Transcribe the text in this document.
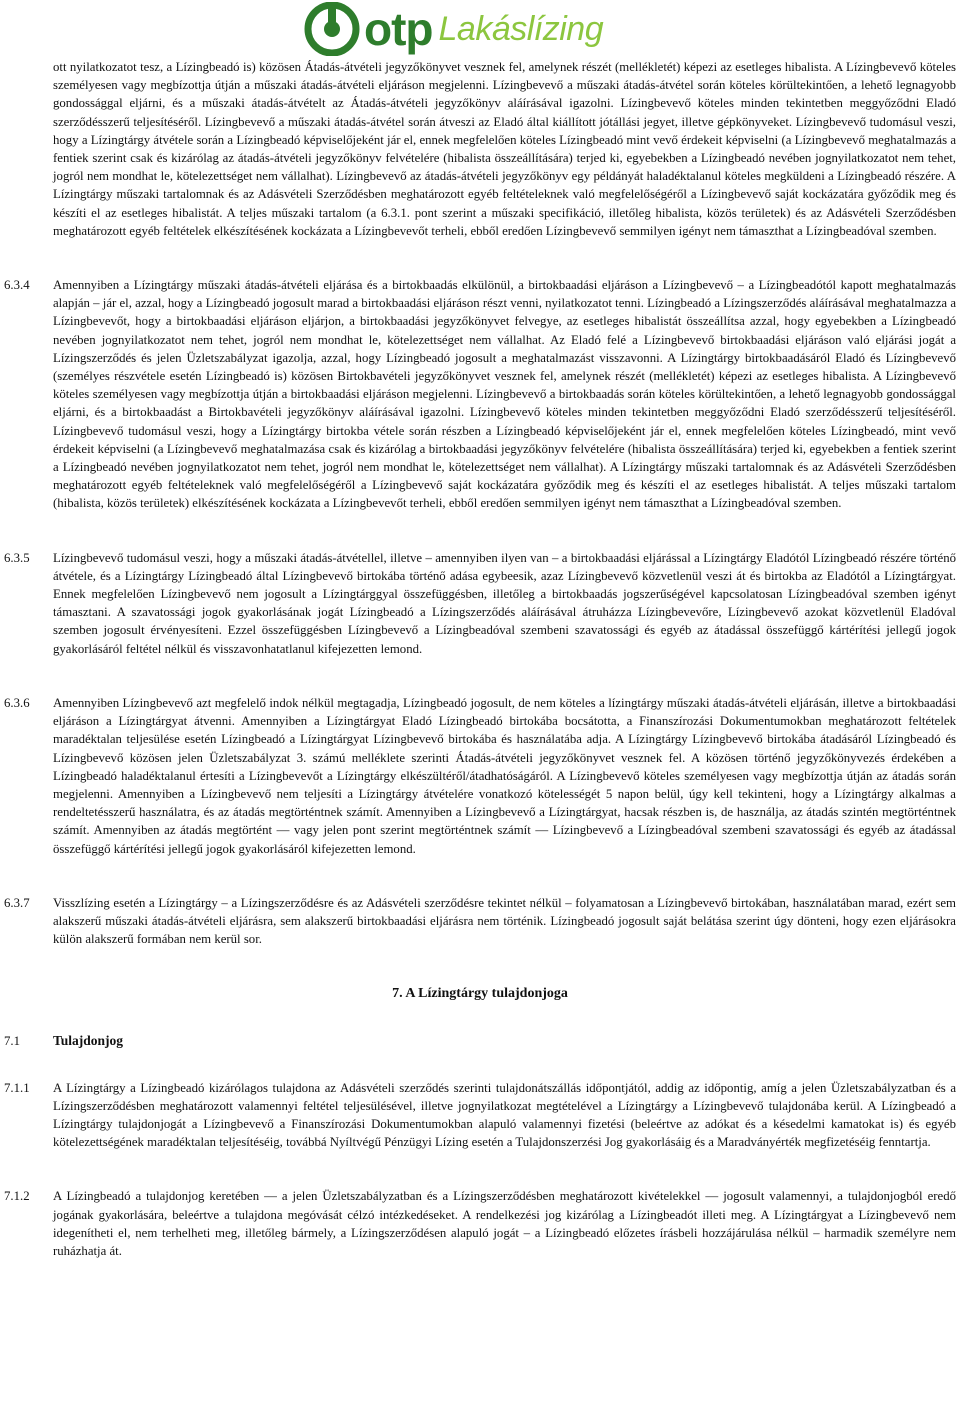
otp Lakáslízing

ott nyilatkozatot tesz, a Lízingbeadó is) közösen Átadás-átvételi jegyzőkönyvet vesznek fel, amelynek részét (mellékletét) képezi az esetleges hibalista. A Lízingbevevő köteles személyesen vagy megbízottja útján a műszaki átadás-átvételi eljáráson megjelenni. Lízingbevevő a műszaki átadás-átvétel során köteles körültekintően, a lehető legnagyobb gondossággal eljárni, és a műszaki átadás-átvételt az Átadás-átvételi jegyzőkönyv aláírásával igazolni. Lízingbevevő köteles minden tekintetben meggyőződni Eladó szerződésszerű teljesítéséről. Lízingbevevő a műszaki átadás-átvétel során átveszi az Eladó által kiállított jótállási jegyet, illetve gépkönyveket. Lízingbevevő tudomásul veszi, hogy a Lízingtárgy átvétele során a Lízingbeadó képviselőjeként jár el, ennek megfelelően köteles Lízingbeadó mint vevő érdekeit képviselni (a Lízingbevevő meghatalmazás a fentiek szerint csak és kizárólag az átadás-átvételi jegyzőkönyv felvételére (hibalista összeállítására) terjed ki, egyebekben a Lízingbeadó nevében jognyilatkozatot nem tehet, jogról nem mondhat le, kötelezettséget nem vállalhat). Lízingbevevő az átadás-átvételi jegyzőkönyv egy példányát haladéktalanul köteles megküldeni a Lízingbeadó részére. A Lízingtárgy műszaki tartalomnak és az Adásvételi Szerződésben meghatározott egyéb feltételeknek való megfelelőségéről a Lízingbevevő saját kockázatára győződik meg és készíti el az esetleges hibalistát. A teljes műszaki tartalom (a 6.3.1. pont szerint a műszaki specifikáció, illetőleg hibalista, közös területek) és az Adásvételi Szerződésben meghatározott egyéb feltételek elkészítésének kockázata a Lízingbevevőt terheli, ebből eredően Lízingbevevő semmilyen igényt nem támaszthat a Lízingbeadóval szemben.

6.3.4	Amennyiben a Lízingtárgy műszaki átadás-átvételi eljárása és a birtokbaadás elkülönül, a birtokbaadási eljáráson a Lízingbevevő – a Lízingbeadótól kapott meghatalmazás alapján – jár el, azzal, hogy a Lízingbeadó jogosult marad a birtokbaadási eljáráson részt venni, nyilatkozatot tenni. Lízingbeadó a Lízingszerződés aláírásával meghatalmazza a Lízingbevevőt, hogy a birtokbaadási eljáráson eljárjon, a birtokbaadási jegyzőkönyvet felvegye, az esetleges hibalistát összeállítsa azzal, hogy egyebekben a Lízingbeadó nevében jognyilatkozatot nem tehet, jogról nem mondhat le, kötelezettséget nem vállalhat. Az Eladó felé a Lízingbevevő birtokbaadási eljáráson való eljárási jogát a Lízingszerződés és jelen Üzletszabályzat igazolja, azzal, hogy Lízingbeadó jogosult a meghatalmazást visszavonni. A Lízingtárgy birtokbaadásáról Eladó és Lízingbevevő (személyes részvétele esetén Lízingbeadó is) közösen Birtokbavételi jegyzőkönyvet vesznek fel, amelynek részét (mellékletét) képezi az esetleges hibalista. A Lízingbevevő köteles személyesen vagy megbízottja útján a birtokbaadási eljáráson megjelenni. Lízingbevevő a birtokbaadás során köteles körültekintően, a lehető legnagyobb gondossággal eljárni, és a birtokbaadást a Birtokbavételi jegyzőkönyv aláírásával igazolni. Lízingbevevő köteles minden tekintetben meggyőződni Eladó szerződésszerű teljesítéséről. Lízingbevevő tudomásul veszi, hogy a Lízingtárgy birtokba vétele során részben a Lízingbeadó képviselőjeként jár el, ennek megfelelően köteles Lízingbeadó, mint vevő érdekeit képviselni (a Lízingbevevő meghatalmazása csak és kizárólag a birtokbaadási jegyzőkönyv felvételére (hibalista összeállítására) terjed ki, egyebekben a fentiek szerint a Lízingbeadó nevében jognyilatkozatot nem tehet, jogról nem mondhat le, kötelezettséget nem vállalhat). A Lízingtárgy műszaki tartalomnak és az Adásvételi Szerződésben meghatározott egyéb feltételeknek való megfelelőségéről a Lízingbevevő saját kockázatára győződik meg és készíti el az esetleges hibalistát. A teljes műszaki tartalom (hibalista, közös területek) elkészítésének kockázata a Lízingbevevőt terheli, ebből eredően semmilyen igényt nem támaszthat a Lízingbeadóval szemben.

6.3.5	Lízingbevevő tudomásul veszi, hogy a műszaki átadás-átvétellel, illetve – amennyiben ilyen van – a birtokbaadási eljárással a Lízingtárgy Eladótól Lízingbeadó részére történő átvétele, és a Lízingtárgy Lízingbeadó által Lízingbevevő birtokába történő adása egybeesik, azaz Lízingbevevő közvetlenül veszi át és birtokba az Eladótól a Lízingtárgyat. Ennek megfelelően Lízingbevevő nem jogosult a Lízingtárggyal összefüggésben, illetőleg a birtokbaadás jogszerűségével kapcsolatosan Lízingbeadóval szemben igényt támasztani. A szavatossági jogok gyakorlásának jogát Lízingbeadó a Lízingszerződés aláírásával átruházza Lízingbevevőre, Lízingbevevő azokat közvetlenül Eladóval szemben jogosult érvényesíteni. Ezzel összefüggésben Lízingbevevő a Lízingbeadóval szembeni szavatossági és egyéb az átadással összefüggő kártérítési jellegű jogok gyakorlásáról feltétel nélkül és visszavonhatatlanul kifejezetten lemond.

6.3.6	Amennyiben Lízingbevevő azt megfelelő indok nélkül megtagadja, Lízingbeadó jogosult, de nem köteles a lízingtárgy műszaki átadás-átvételi eljárásán, illetve a birtokbaadási eljáráson a Lízingtárgyat átvenni. Amennyiben a Lízingtárgyat Eladó Lízingbeadó birtokába bocsátotta, a Finanszírozási Dokumentumokban meghatározott feltételek maradéktalan teljesülése esetén Lízingbeadó a Lízingtárgyat Lízingbevevő birtokába és használatába adja. A Lízingtárgy Lízingbevevő birtokába átadásáról Lízingbeadó és Lízingbevevő közösen jelen Üzletszabályzat 3. számú melléklete szerinti Átadás-átvételi jegyzőkönyvet vesznek fel. A közösen történő jegyzőkönyvezés érdekében a Lízingbeadó haladéktalanul értesíti a Lízingbevevőt a Lízingtárgy elkészültéről/átadhatóságáról. A Lízingbevevő köteles személyesen vagy megbízottja útján az átadás során megjelenni. Amennyiben a Lízingbevevő nem teljesíti a Lízingtárgy átvételére vonatkozó kötelességét 5 napon belül, úgy kell tekinteni, hogy a Lízingtárgy alkalmas a rendeltetésszerű használatra, és az átadás megtörténtnek számít. Amennyiben a Lízingbevevő a Lízingtárgyat, hacsak részben is, de használja, az átadás szintén megtörténtnek számít. Amennyiben az átadás megtörtént — vagy jelen pont szerint megtörténtnek számít — Lízingbevevő a Lízingbeadóval szembeni szavatossági és egyéb az átadással összefüggő kártérítési jellegű jogok gyakorlásáról kifejezetten lemond.

6.3.7	Visszlízing esetén a Lízingtárgy – a Lízingszerződésre és az Adásvételi szerződésre tekintet nélkül – folyamatosan a Lízingbevevő birtokában, használatában marad, ezért sem alakszerű műszaki átadás-átvételi eljárásra, sem alakszerű birtokbaadási eljárásra nem történik. Lízingbeadó jogosult saját belátása szerint úgy dönteni, hogy ezen eljárásokra külön alakszerű formában nem kerül sor.

7. A Lízingtárgy tulajdonjoga

7.1	Tulajdonjog

7.1.1	A Lízingtárgy a Lízingbeadó kizárólagos tulajdona az Adásvételi szerződés szerinti tulajdonátszállás időpontjától, addig az időpontig, amíg a jelen Üzletszabályzatban és a Lízingszerződésben meghatározott valamennyi feltétel teljesülésével, illetve jognyilatkozat megtételével a Lízingtárgy a Lízingbevevő tulajdonába kerül. A Lízingbeadó a Lízingtárgy tulajdonjogát a Lízingbevevő a Finanszírozási Dokumentumokban alapuló valamennyi fizetési (beleértve az adókat és a késedelmi kamatokat is) és egyéb kötelezettségének maradéktalan teljesítéséig, továbbá Nyíltvégű Pénzügyi Lízing esetén a Tulajdonszerzési Jog gyakorlásáig és a Maradványérték megfizetéséig fenntartja.

7.1.2	A Lízingbeadó a tulajdonjog keretében — a jelen Üzletszabályzatban és a Lízingszerződésben meghatározott kivételekkel — jogosult valamennyi, a tulajdonjogból eredő jogának gyakorlására, beleértve a tulajdona megóvását célzó intézkedéseket. A rendelkezési jog kizárólag a Lízingbeadót illeti meg. A Lízingtárgyat a Lízingbevevő nem idegenítheti el, nem terhelheti meg, illetőleg bármely, a Lízingszerződésen alapuló jogát – a Lízingbeadó előzetes írásbeli hozzájárulása nélkül – harmadik személyre nem ruházhatja át.
